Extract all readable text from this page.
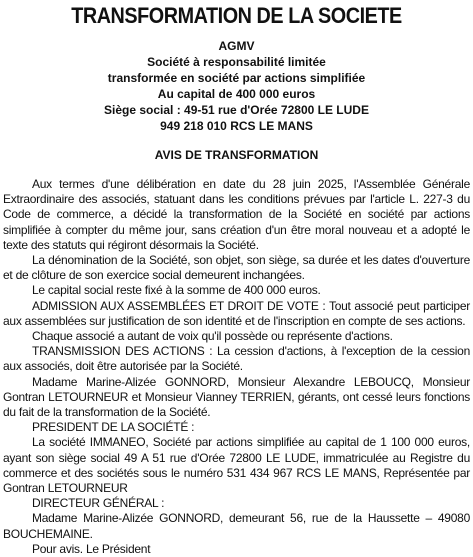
TRANSFORMATION DE LA SOCIETE
AGMV
Société à responsabilité limitée
transformée en société par actions simplifiée
Au capital de 400 000 euros
Siège social : 49-51 rue d'Orée 72800 LE LUDE
949 218 010 RCS LE MANS
AVIS DE TRANSFORMATION

Aux termes d'une délibération en date du 28 juin 2025, l'Assemblée Générale Extraordinaire des associés, statuant dans les conditions prévues par l'article L. 227-3 du Code de commerce, a décidé la transformation de la Société en société par actions simplifiée à compter du même jour, sans création d'un être moral nouveau et a adopté le texte des statuts qui régiront désormais la Société.

La dénomination de la Société, son objet, son siège, sa durée et les dates d'ouverture et de clôture de son exercice social demeurent inchangées.

Le capital social reste fixé à la somme de 400 000 euros.

ADMISSION AUX ASSEMBLÉES ET DROIT DE VOTE : Tout associé peut participer aux assemblées sur justification de son identité et de l'inscription en compte de ses actions.

Chaque associé a autant de voix qu'il possède ou représente d'actions.

TRANSMISSION DES ACTIONS : La cession d'actions, à l'exception de la cession aux associés, doit être autorisée par la Société.

Madame Marine-Alizée GONNORD, Monsieur Alexandre LEBOUCQ, Monsieur Gontran LETOURNEUR et Monsieur Vianney TERRIEN, gérants, ont cessé leurs fonctions du fait de la transformation de la Société.

PRESIDENT DE LA SOCIÉTÉ :

La société IMMANEO, Société par actions simplifiée au capital de 1 100 000 euros, ayant son siège social 49 A 51 rue d'Orée 72800 LE LUDE, immatriculée au Registre du commerce et des sociétés sous le numéro 531 434 967 RCS LE MANS, Représentée par Gontran LETOURNEUR

DIRECTEUR GÉNÉRAL :

Madame Marine-Alizée GONNORD, demeurant 56, rue de la Haussette – 49080 BOUCHEMAINE.

Pour avis. Le Président
